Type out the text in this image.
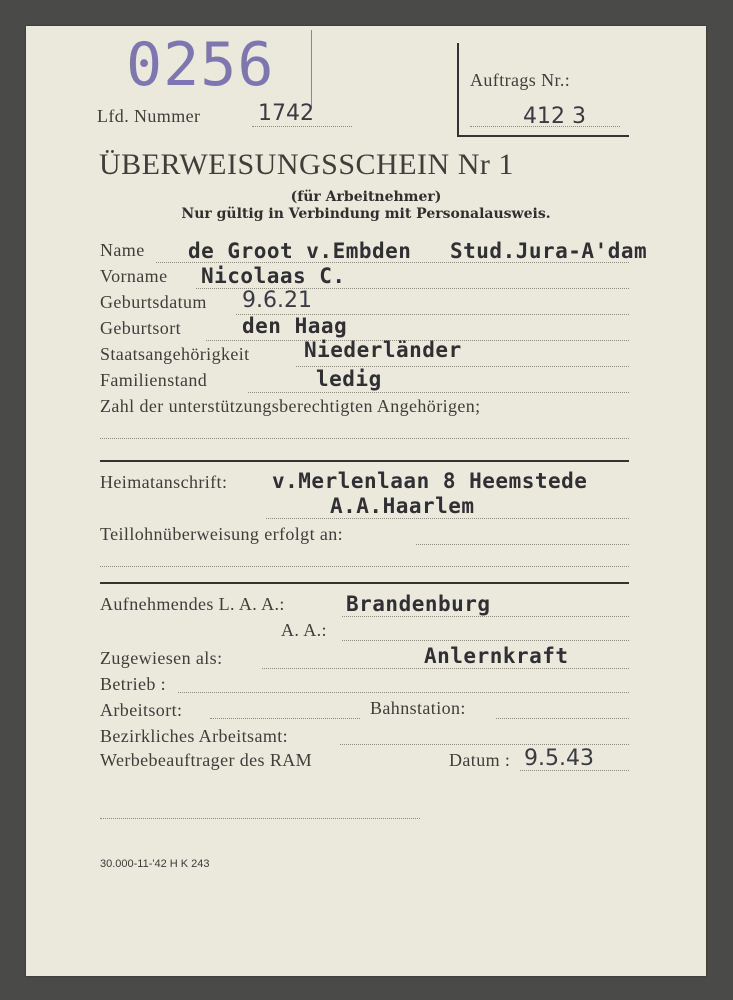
0256
Lfd. Nummer	1742
Auftrags Nr.:
412 3
ÜBERWEISUNGSSCHEIN Nr 1
(für Arbeitnehmer)
Nur gültig in Verbindung mit Personalausweis.
Name de Groot v.Embden Stud.Jura-A'dam
Vorname Nicolaas C.
Geburtsdatum 9.6.21
Geburtsort	den Haag
Staatsangehörigkeit	Niederländer
Familienstand	ledig
Zahl der unterstützungsberechtigten Angehörigen;
Heimatanschrift: v.Merlenlaan 8 Heemstede
A.A.Haarlem
Teillohnüberweisung erfolgt an:
Aufnehmendes L. A. A.:	Brandenburg
A. A.:
Zugewiesen als:	Anlernkraft
Betrieb :
Arbeitsort:	Bahnstation:
Bezirkliches Arbeitsamt:
Werbebeauftrager des RAM	Datum : 9.5.43
30.000-11-'42 H K 243
